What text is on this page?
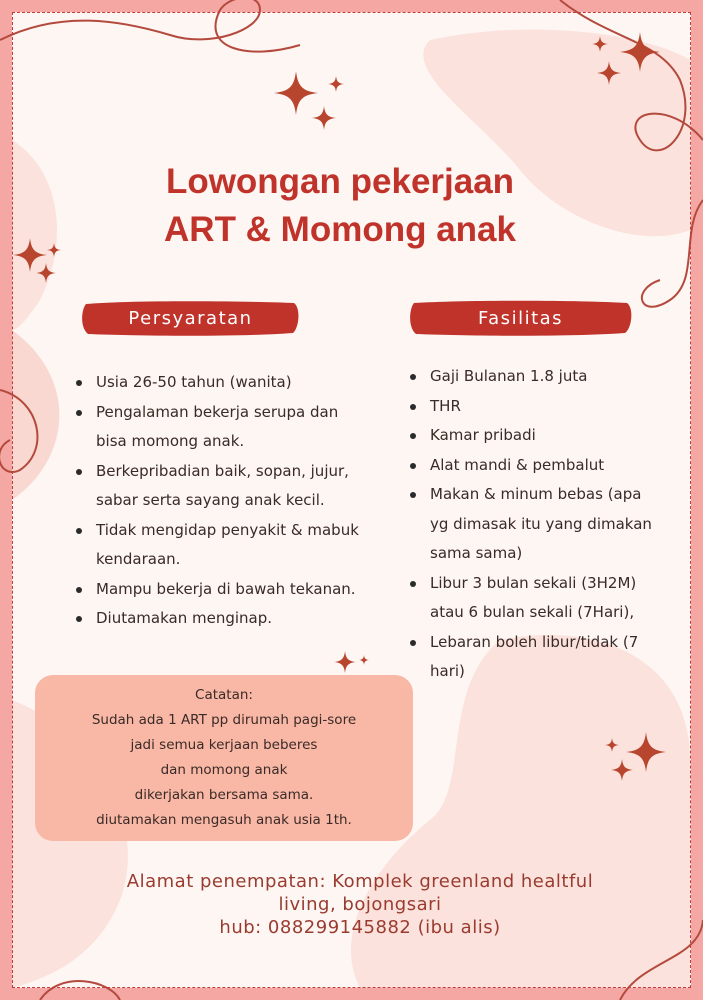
Lowongan pekerjaan
ART & Momong anak
Persyaratan	Fasilitas
Usia 26-50 tahun (wanita)
Pengalaman bekerja serupa dan
bisa momong anak.
Berkepribadian baik, sopan, jujur,
sabar serta sayang anak kecil.
Tidak mengidap penyakit & mabuk
kendaraan.
Mampu bekerja di bawah tekanan.
Diutamakan menginap.
Gaji Bulanan 1.8 juta
THR
Kamar pribadi
Alat mandi & pembalut
Makan & minum bebas (apa
yg dimasak itu yang dimakan
sama sama)
Libur 3 bulan sekali (3H2M)
atau 6 bulan sekali (7Hari),
Lebaran boleh libur/tidak (7
hari)
Catatan:
Sudah ada 1 ART pp dirumah pagi-sore
jadi semua kerjaan beberes
dan momong anak
dikerjakan bersama sama.
diutamakan mengasuh anak usia 1th.
Alamat penempatan: Komplek greenland healtful
living, bojongsari
hub: 088299145882 (ibu alis)
